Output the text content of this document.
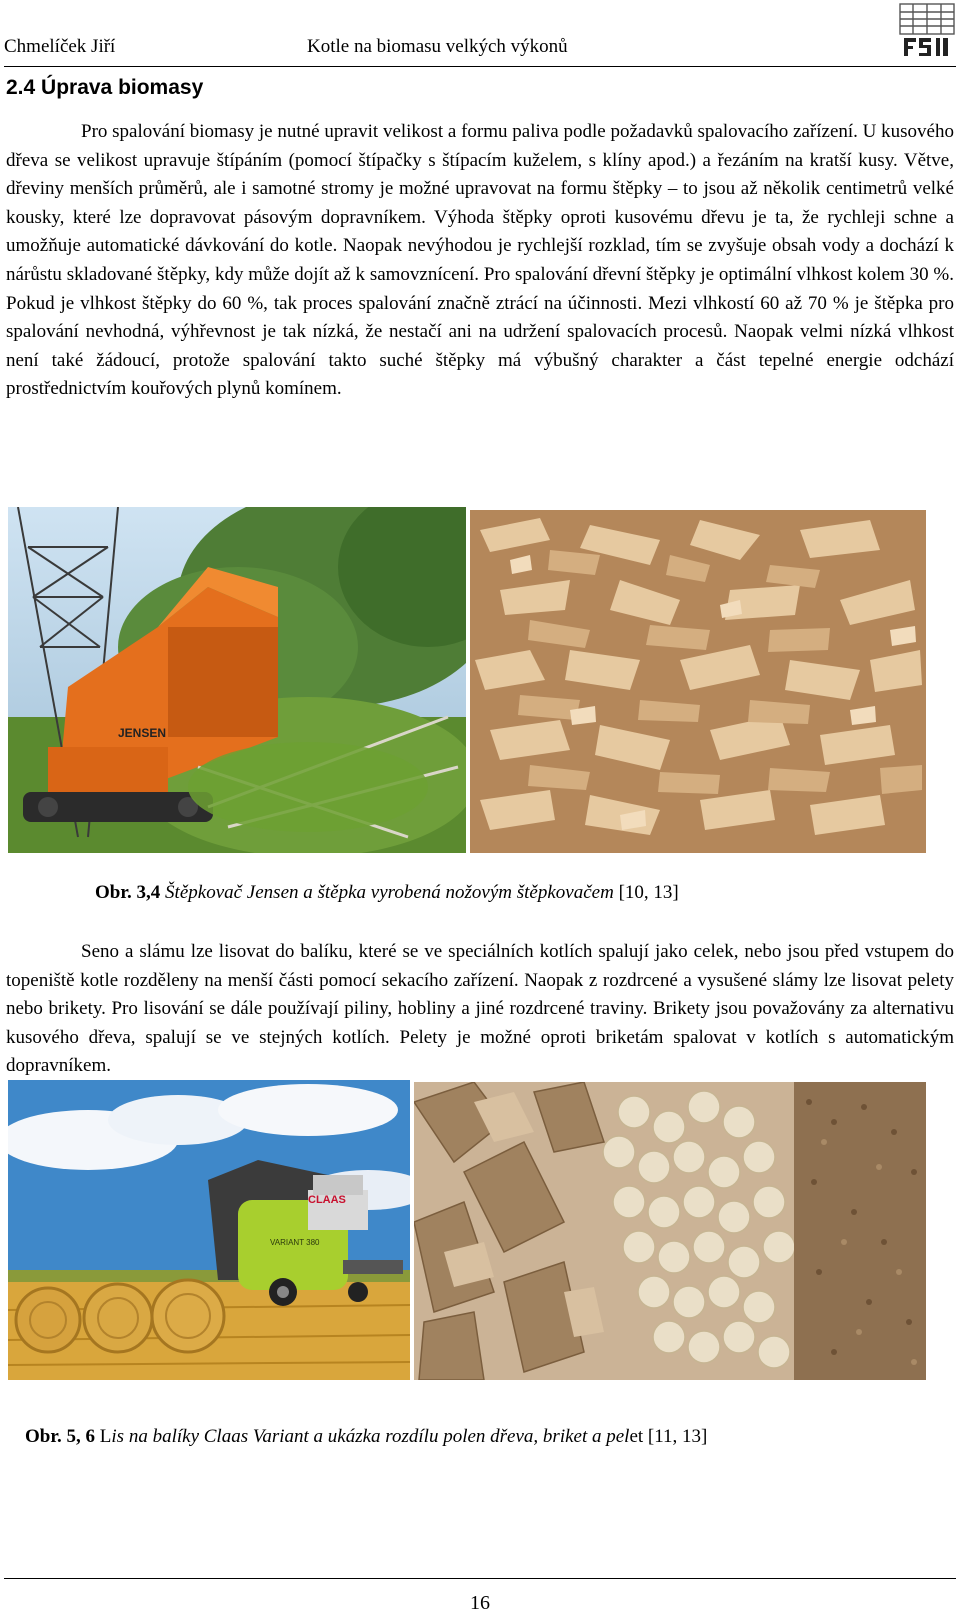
Chmelíček Jiří	Kotle na biomasu velkých výkonů
2.4 Úprava biomasy

Pro spalování biomasy je nutné upravit velikost a formu paliva podle požadavků spalovacího zařízení. U kusového dřeva se velikost upravuje štípáním (pomocí štípačky s štípacím kuželem, s klíny apod.) a řezáním na kratší kusy. Větve, dřeviny menších průměrů, ale i samotné stromy je možné upravovat na formu štěpky – to jsou až několik centimetrů velké kousky, které lze dopravovat pásovým dopravníkem. Výhoda štěpky oproti kusovému dřevu je ta, že rychleji schne a umožňuje automatické dávkování do kotle. Naopak nevýhodou je rychlejší rozklad, tím se zvyšuje obsah vody a dochází k nárůstu skladované štěpky, kdy může dojít až k samovznícení. Pro spalování dřevní štěpky je optimální vlhkost kolem 30 %. Pokud je vlhkost štěpky do 60 %, tak proces spalování značně ztrácí na účinnosti. Mezi vlhkostí 60 až 70 % je štěpka pro spalování nevhodná, výhřevnost je tak nízká, že nestačí ani na udržení spalovacích procesů. Naopak velmi nízká vlhkost není také žádoucí, protože spalování takto suché štěpky má výbušný charakter a část tepelné energie odchází prostřednictvím kouřových plynů komínem.

JENSEN
Obr. 3,4 Štěpkovač Jensen a štěpka vyrobená nožovým štěpkovačem [10, 13]

Seno a slámu lze lisovat do balíku, které se ve speciálních kotlích spalují jako celek, nebo jsou před vstupem do topeniště kotle rozděleny na menší části pomocí sekacího zařízení. Naopak z rozdrcené a vysušené slámy lze lisovat pelety nebo brikety. Pro lisování se dále používají piliny, hobliny a jiné rozdrcené traviny. Brikety jsou považovány za alternativu kusového dřeva, spalují se ve stejných kotlích. Pelety je možné oproti briketám spalovat v kotlích s automatickým dopravníkem.

CLAAS
VARIANT 380
Obr. 5, 6 Lis na balíky Claas Variant a ukázka rozdílu polen dřeva, briket a pelet [11, 13]
16
